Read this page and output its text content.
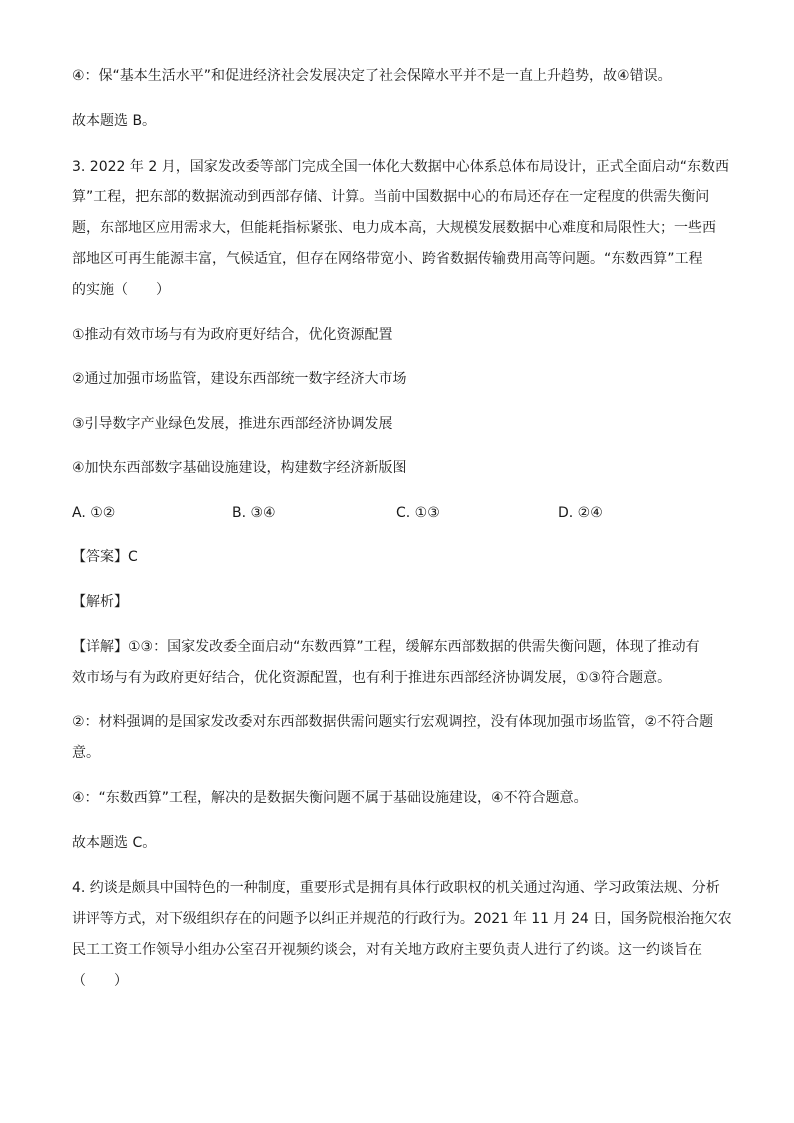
④：保“基本生活水平”和促进经济社会发展决定了社会保障水平并不是一直上升趋势，故④错误。
故本题选 B。
3. 2022 年 2 月，国家发改委等部门完成全国一体化大数据中心体系总体布局设计，正式全面启动“东数西
算”工程，把东部的数据流动到西部存储、计算。当前中国数据中心的布局还存在一定程度的供需失衡问
题，东部地区应用需求大，但能耗指标紧张、电力成本高，大规模发展数据中心难度和局限性大；一些西
部地区可再生能源丰富，气候适宜，但存在网络带宽小、跨省数据传输费用高等问题。“东数西算”工程
的实施（　　）
①推动有效市场与有为政府更好结合，优化资源配置
②通过加强市场监管，建设东西部统一数字经济大市场
③引导数字产业绿色发展，推进东西部经济协调发展
④加快东西部数字基础设施建设，构建数字经济新版图
A. ①②	B. ③④	C. ①③	D. ②④
【答案】C
【解析】
【详解】①③：国家发改委全面启动“东数西算”工程，缓解东西部数据的供需失衡问题，体现了推动有
效市场与有为政府更好结合，优化资源配置，也有利于推进东西部经济协调发展，①③符合题意。
②：材料强调的是国家发改委对东西部数据供需问题实行宏观调控，没有体现加强市场监管，②不符合题
意。
④：“东数西算”工程，解决的是数据失衡问题不属于基础设施建设，④不符合题意。
故本题选 C。
4. 约谈是颇具中国特色的一种制度，重要形式是拥有具体行政职权的机关通过沟通、学习政策法规、分析
讲评等方式，对下级组织存在的问题予以纠正并规范的行政行为。2021 年 11 月 24 日，国务院根治拖欠农
民工工资工作领导小组办公室召开视频约谈会，对有关地方政府主要负责人进行了约谈。这一约谈旨在
（　　）
